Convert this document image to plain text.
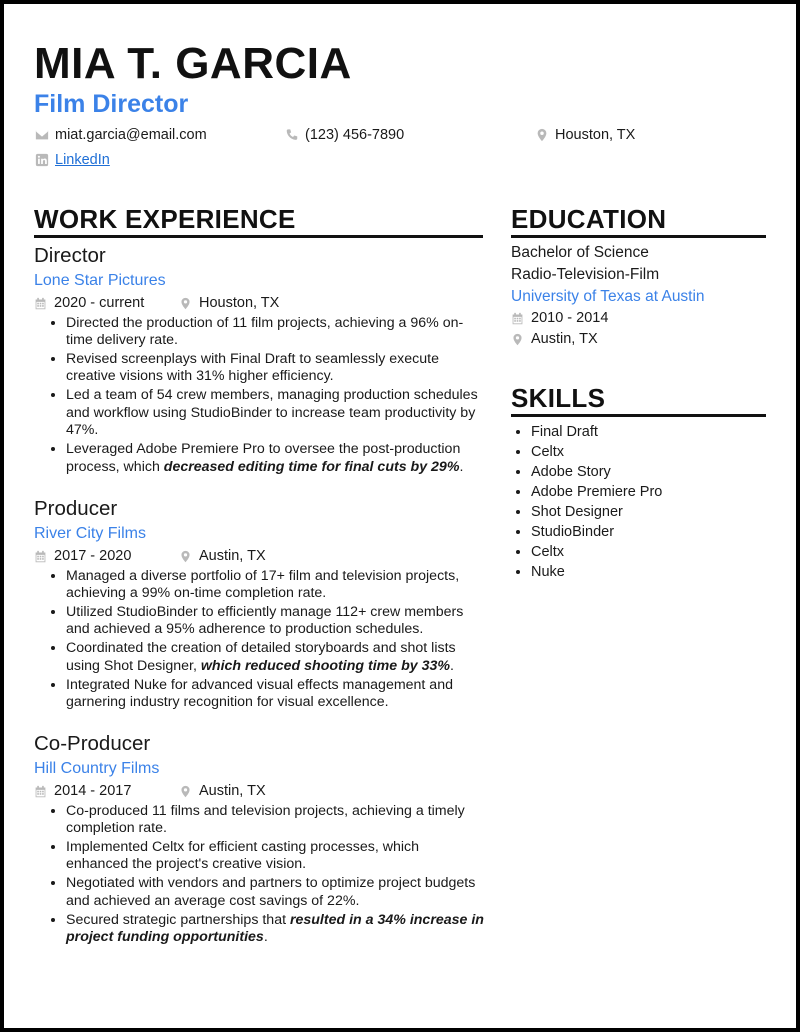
MIA T. GARCIA
Film Director
miat.garcia@email.com	(123) 456-7890	Houston, TX
LinkedIn
WORK EXPERIENCE
Director
Lone Star Pictures
2020 - current	Houston, TX
• Directed the production of 11 film projects, achieving a 96% on-time delivery rate.
• Revised screenplays with Final Draft to seamlessly execute creative visions with 31% higher efficiency.
• Led a team of 54 crew members, managing production schedules and workflow using StudioBinder to increase team productivity by 47%.
• Leveraged Adobe Premiere Pro to oversee the post-production process, which decreased editing time for final cuts by 29%.
Producer
River City Films
2017 - 2020	Austin, TX
• Managed a diverse portfolio of 17+ film and television projects, achieving a 99% on-time completion rate.
• Utilized StudioBinder to efficiently manage 112+ crew members and achieved a 95% adherence to production schedules.
• Coordinated the creation of detailed storyboards and shot lists using Shot Designer, which reduced shooting time by 33%.
• Integrated Nuke for advanced visual effects management and garnering industry recognition for visual excellence.
Co-Producer
Hill Country Films
2014 - 2017	Austin, TX
• Co-produced 11 films and television projects, achieving a timely completion rate.
• Implemented Celtx for efficient casting processes, which enhanced the project's creative vision.
• Negotiated with vendors and partners to optimize project budgets and achieved an average cost savings of 22%.
• Secured strategic partnerships that resulted in a 34% increase in project funding opportunities.
EDUCATION
Bachelor of Science
Radio-Television-Film
University of Texas at Austin
2010 - 2014
Austin, TX
SKILLS
• Final Draft
• Celtx
• Adobe Story
• Adobe Premiere Pro
• Shot Designer
• StudioBinder
• Celtx
• Nuke
